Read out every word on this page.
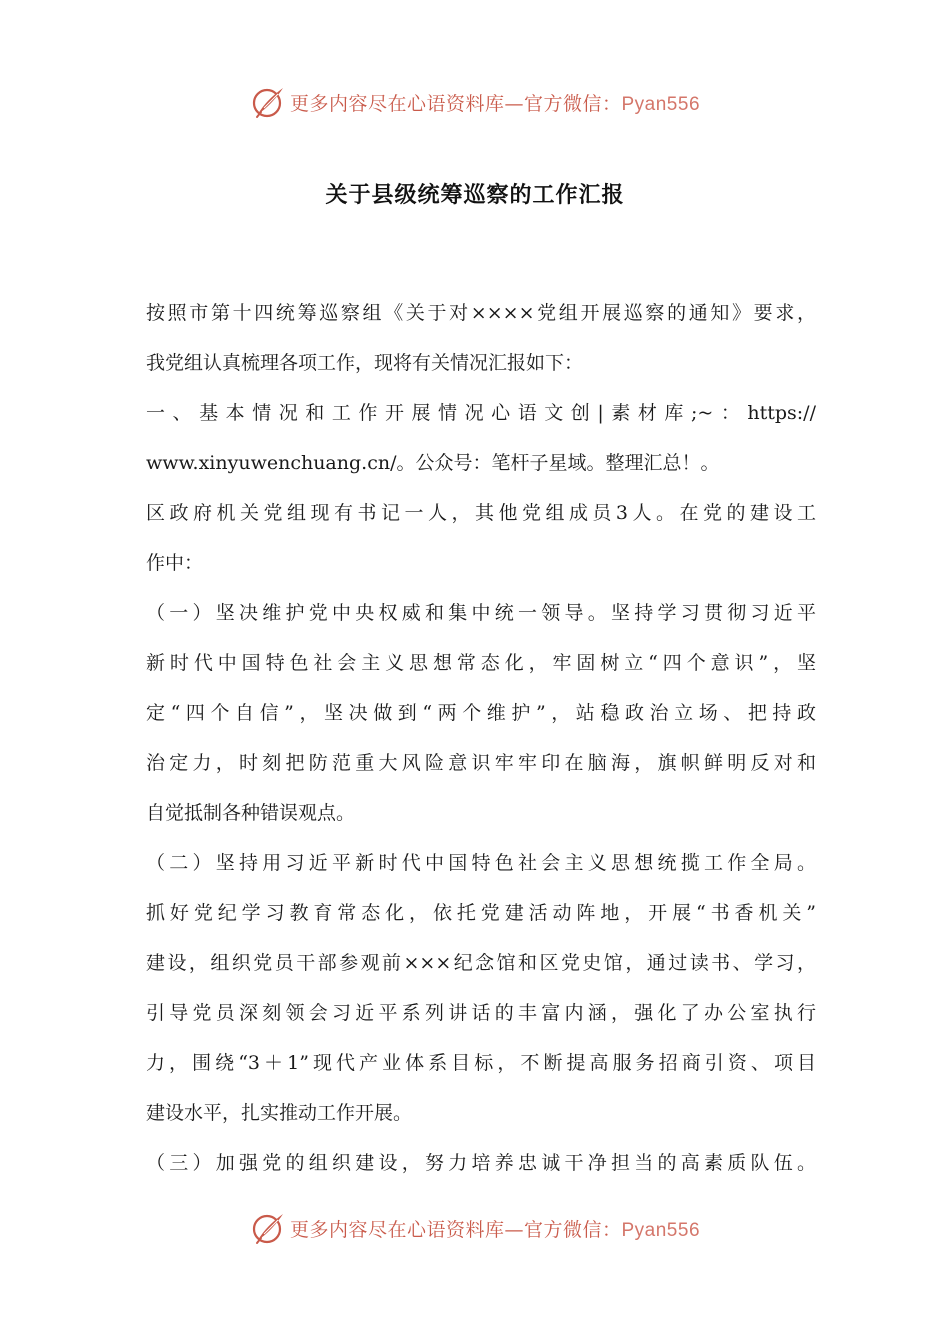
更多内容尽在心语资料库—官方微信：Pyan556
关于县级统筹巡察的工作汇报
按照市第十四统筹巡察组《关于对××××党组开展巡察的通知》要求，
我党组认真梳理各项工作，现将有关情况汇报如下：
一、基本情况和工作开展情况心语文创|素材库;~：https://
www.xinyuwenchuang.cn/。公众号：笔杆子星域。整理汇总！。
区政府机关党组现有书记一人，其他党组成员3人。在党的建设工
作中：
（一）坚决维护党中央权威和集中统一领导。坚持学习贯彻习近平
新时代中国特色社会主义思想常态化，牢固树立“四个意识”，坚
定“四个自信”，坚决做到“两个维护”，站稳政治立场、把持政
治定力，时刻把防范重大风险意识牢牢印在脑海，旗帜鲜明反对和
自觉抵制各种错误观点。
（二）坚持用习近平新时代中国特色社会主义思想统揽工作全局。
抓好党纪学习教育常态化，依托党建活动阵地，开展“书香机关”
建设，组织党员干部参观前×××纪念馆和区党史馆，通过读书、学习，
引导党员深刻领会习近平系列讲话的丰富内涵，强化了办公室执行
力，围绕“3＋1”现代产业体系目标，不断提高服务招商引资、项目
建设水平，扎实推动工作开展。
（三）加强党的组织建设，努力培养忠诚干净担当的高素质队伍。
更多内容尽在心语资料库—官方微信：Pyan556
